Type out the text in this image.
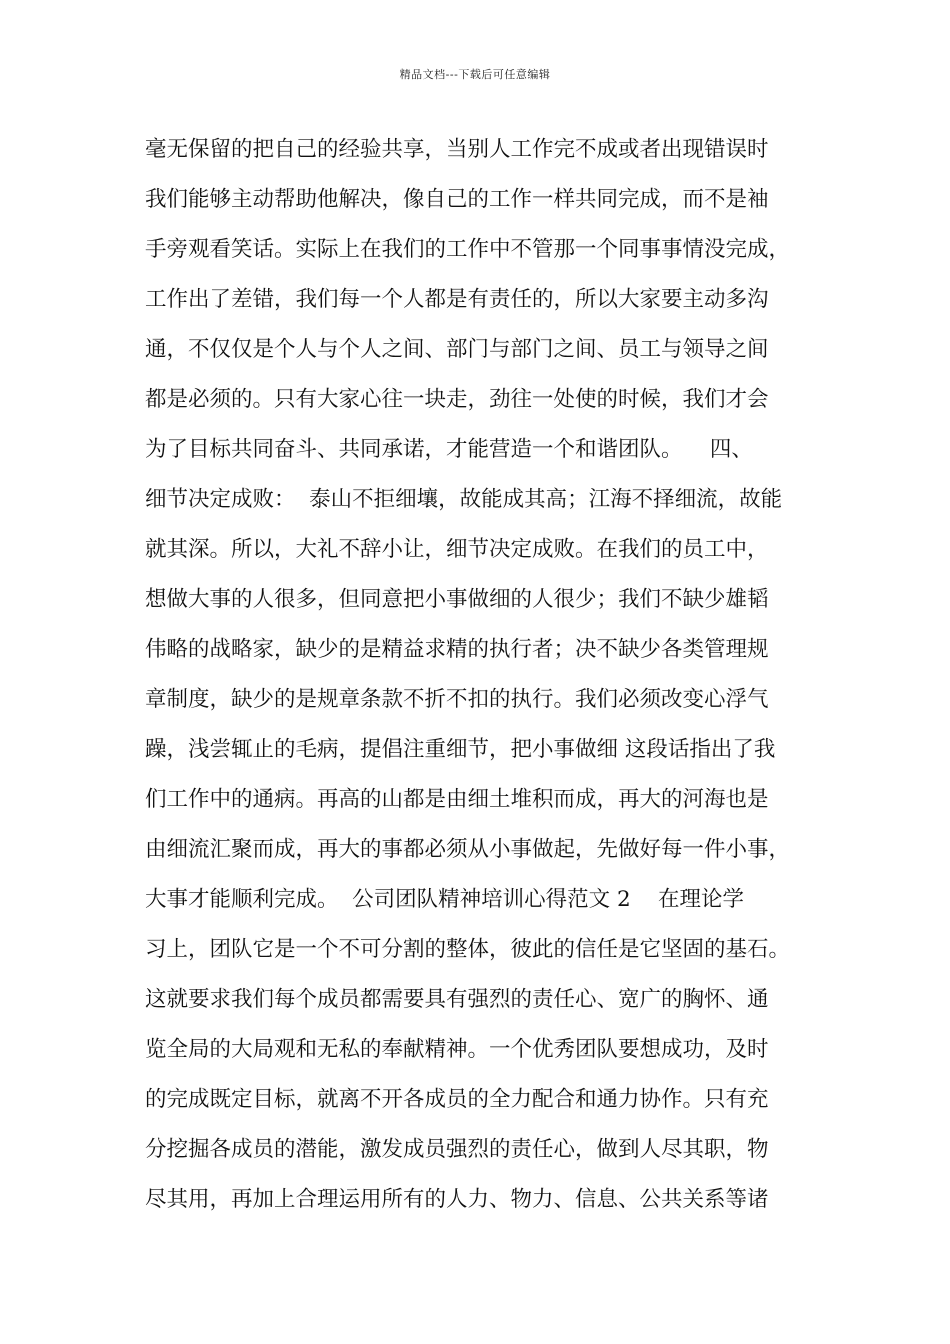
精品文档---下载后可任意编辑
毫无保留的把自己的经验共享，当别人工作完不成或者出现错误时
我们能够主动帮助他解决，像自己的工作一样共同完成，而不是袖
手旁观看笑话。实际上在我们的工作中不管那一个同事事情没完成，
工作出了差错，我们每一个人都是有责任的，所以大家要主动多沟
通，不仅仅是个人与个人之间、部门与部门之间、员工与领导之间
都是必须的。只有大家心往一块走，劲往一处使的时候，我们才会
为了目标共同奋斗、共同承诺，才能营造一个和谐团队。    四、
细节决定成败：  泰山不拒细壤，故能成其高；江海不择细流，故能
就其深。所以，大礼不辞小让，细节决定成败。在我们的员工中，
想做大事的人很多，但同意把小事做细的人很少；我们不缺少雄韬
伟略的战略家，缺少的是精益求精的执行者；决不缺少各类管理规
章制度，缺少的是规章条款不折不扣的执行。我们必须改变心浮气
躁，浅尝辄止的毛病，提倡注重细节，把小事做细 这段话指出了我
们工作中的通病。再高的山都是由细土堆积而成，再大的河海也是
由细流汇聚而成，再大的事都必须从小事做起，先做好每一件小事，
大事才能顺利完成。  公司团队精神培训心得范文 2    在理论学
习上，团队它是一个不可分割的整体，彼此的信任是它坚固的基石。
这就要求我们每个成员都需要具有强烈的责任心、宽广的胸怀、通
览全局的大局观和无私的奉献精神。一个优秀团队要想成功，及时
的完成既定目标，就离不开各成员的全力配合和通力协作。只有充
分挖掘各成员的潜能，激发成员强烈的责任心，做到人尽其职，物
尽其用，再加上合理运用所有的人力、物力、信息、公共关系等诸
